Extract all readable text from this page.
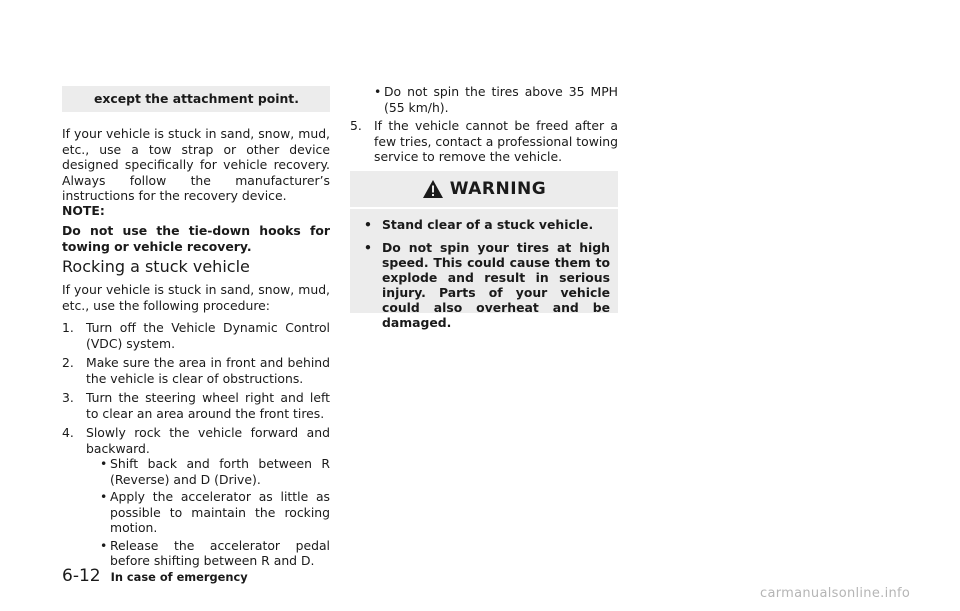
except the attachment point.

If your vehicle is stuck in sand, snow, mud, etc., use a tow strap or other device designed specifically for vehicle recovery. Always follow the manufacturer’s instructions for the recovery device.

NOTE:

Do not use the tie-down hooks for towing or vehicle recovery.

Rocking a stuck vehicle

If your vehicle is stuck in sand, snow, mud, etc., use the following procedure:

1. Turn off the Vehicle Dynamic Control (VDC) system.
2. Make sure the area in front and behind the vehicle is clear of obstructions.
3. Turn the steering wheel right and left to clear an area around the front tires.
4. Slowly rock the vehicle forward and backward.
• Shift back and forth between R (Reverse) and D (Drive).
• Apply the accelerator as little as possible to maintain the rocking motion.
• Release the accelerator pedal before shifting between R and D.
• Do not spin the tires above 35 MPH (55 km/h).
5. If the vehicle cannot be freed after a few tries, contact a professional towing service to remove the vehicle.
WARNING
• Stand clear of a stuck vehicle.
• Do not spin your tires at high speed. This could cause them to explode and result in serious injury. Parts of your vehicle could also overheat and be damaged.
6-12 In case of emergency
carmanualsonline.info
